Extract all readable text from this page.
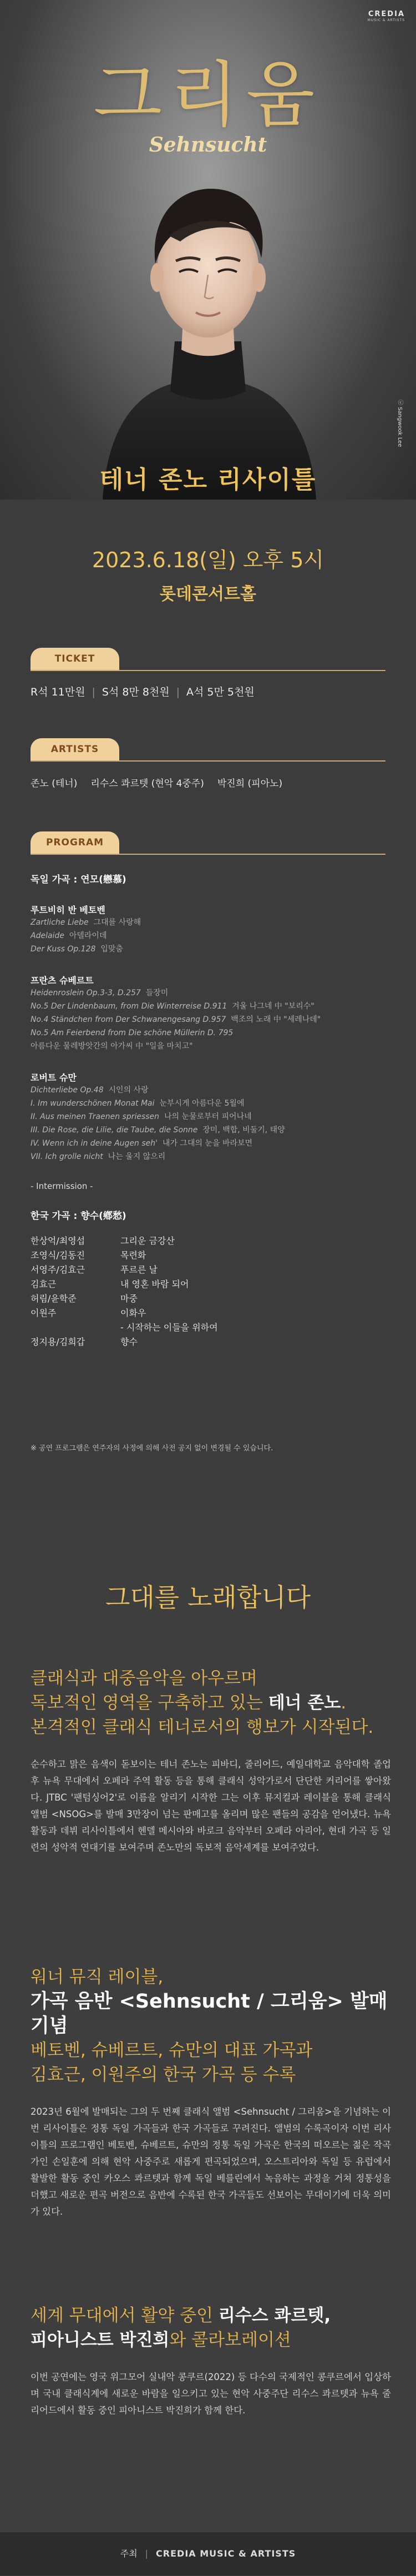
CREDIA
MUSIC & ARTISTS
그리움
Sehnsucht
ⓒ Sangwook Lee
테너 존노 리사이틀
2023.6.18(일) 오후 5시
롯데콘서트홀
TICKET
R석 11만원 | S석 8만 8천원 | A석 5만 5천원
ARTISTS
존노 (테너) 리수스 콰르텟 (현악 4중주) 박진희 (피아노)
PROGRAM
독일 가곡 : 연모(戀慕)
루트비히 반 베토벤
Zartliche Liebe 그대를 사랑해
Adelaide 아델라이데
Der Kuss Op.128 입맞춤
프란츠 슈베르트
Heidenroslein Op.3-3, D.257 들장미
No.5 Der Lindenbaum, from Die Winterreise D.911 겨울 나그네 中 "보리수"
No.4 Ständchen from Der Schwanengesang D.957 백조의 노래 中 "세레나데"
No.5 Am Feierbend from Die schöne Müllerin D. 795
아름다운 물레방앗간의 아가씨 中 "일을 마치고"
로버트 슈만
Dichterliebe Op.48 시인의 사랑
I. Im wunderschönen Monat Mai 눈부시게 아름다운 5월에
II. Aus meinen Traenen spriessen 나의 눈물로부터 피어나네
III. Die Rose, die Lilie, die Taube, die Sonne 장미, 백합, 비둘기, 태양
IV. Wenn ich in deine Augen seh' 내가 그대의 눈을 바라보면
VII. Ich grolle nicht 나는 울지 않으리
- Intermission -
한국 가곡 : 향수(鄕愁)
한상억/최영섭	그리운 금강산
조영식/김동진	목련화
서영주/김효근	푸르른 날
김효근	내 영혼 바람 되어
허림/윤학준	마중
이원주	이화우
- 시작하는 이들을 위하여
정지용/김희갑	향수
※ 공연 프로그램은 연주자의 사정에 의해 사전 공지 없이 변경될 수 있습니다.
그대를 노래합니다
클래식과 대중음악을 아우르며
독보적인 영역을 구축하고 있는 테너 존노.
본격적인 클래식 테너로서의 행보가 시작된다.

순수하고 맑은 음색이 돋보이는 테너 존노는 피바디, 줄리어드, 예일대학교 음악대학 졸업 후 뉴욕 무대에서 오페라 주역 활동 등을 통해 클래식 성악가로서 단단한 커리어를 쌓아왔다. JTBC '팬텀싱어2'로 이름을 알리기 시작한 그는 이후 뮤지컬과 레이블을 통해 클래식 앨범 <NSOG>를 발매 3만장이 넘는 판매고를 올리며 많은 팬들의 공감을 얻어냈다. 뉴욕 활동과 데뷔 리사이틀에서 헨델 메시아와 바로크 음악부터 오페라 아리아, 현대 가곡 등 일련의 성악적 연대기를 보여주며 존노만의 독보적 음악세계를 보여주었다.

워너 뮤직 레이블,
가곡 음반 <Sehnsucht / 그리움> 발매 기념
베토벤, 슈베르트, 슈만의 대표 가곡과
김효근, 이원주의 한국 가곡 등 수록

2023년 6월에 발매되는 그의 두 번째 클래식 앨범 <Sehnsucht / 그리움>을 기념하는 이번 리사이틀은 정통 독일 가곡들과 한국 가곡들로 꾸려진다. 앨범의 수록곡이자 이번 리사이틀의 프로그램인 베토벤, 슈베르트, 슈만의 정통 독일 가곡은 한국의 떠오르는 젊은 작곡가인 손일훈에 의해 현악 사중주로 새롭게 편곡되었으며, 오스트리아와 독일 등 유럽에서 활발한 활동 중인 카오스 콰르텟과 함께 독일 베를린에서 녹음하는 과정을 거쳐 정통성을 더했고 새로운 편곡 버전으로 음반에 수록된 한국 가곡들도 선보이는 무대이기에 더욱 의미가 있다.

세계 무대에서 활약 중인 리수스 콰르텟,
피아니스트 박진희와 콜라보레이션

이번 공연에는 영국 위그모어 실내악 콩쿠르(2022) 등 다수의 국제적인 콩쿠르에서 입상하며 국내 클래식계에 새로운 바람을 일으키고 있는 현악 사중주단 리수스 콰르텟과 뉴욕 줄리어드에서 활동 중인 피아니스트 박진희가 함께 한다.

주최 | CREDIA MUSIC & ARTISTS
